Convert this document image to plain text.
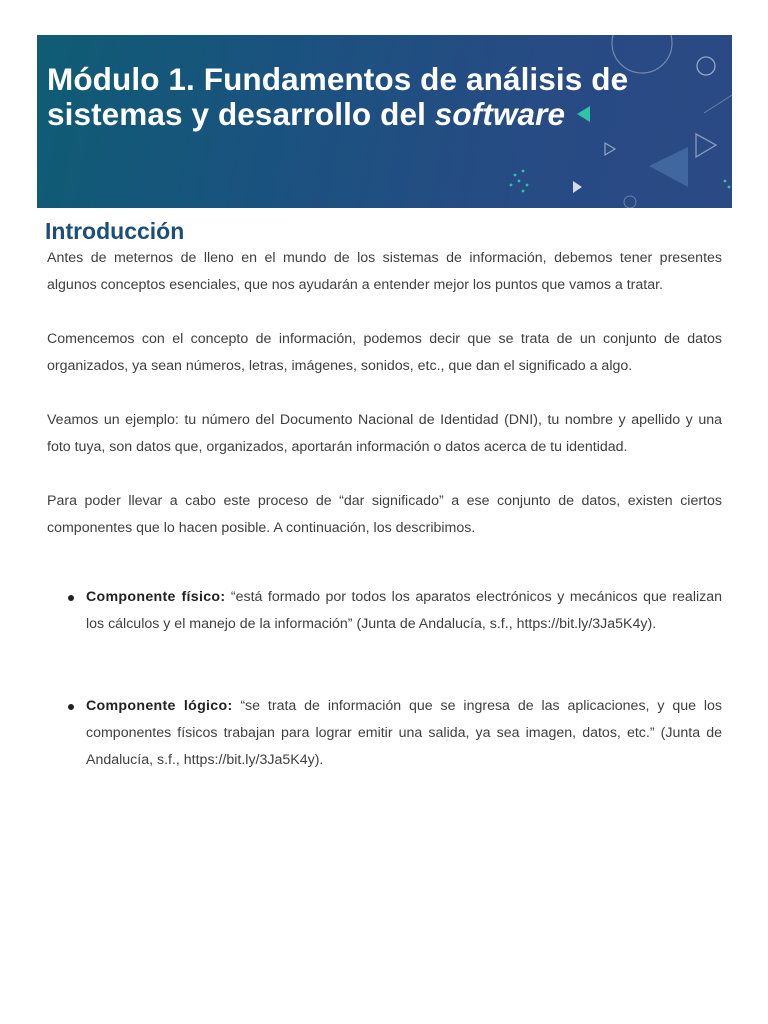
Módulo 1. Fundamentos de análisis de
sistemas y desarrollo del software
Introducción

Antes de meternos de lleno en el mundo de los sistemas de información, debemos tener presentes algunos conceptos esenciales, que nos ayudarán a entender mejor los puntos que vamos a tratar.

Comencemos con el concepto de información, podemos decir que se trata de un conjunto de datos organizados, ya sean números, letras, imágenes, sonidos, etc., que dan el significado a algo.

Veamos un ejemplo: tu número del Documento Nacional de Identidad (DNI), tu nombre y apellido y una foto tuya, son datos que, organizados, aportarán información o datos acerca de tu identidad.

Para poder llevar a cabo este proceso de “dar significado” a ese conjunto de datos, existen ciertos componentes que lo hacen posible. A continuación, los describimos.

Componente físico: “está formado por todos los aparatos electrónicos y mecánicos que realizan los cálculos y el manejo de la información” (Junta de Andalucía, s.f., https://bit.ly/3Ja5K4y).
Componente lógico: “se trata de información que se ingresa de las aplicaciones, y que los componentes físicos trabajan para lograr emitir una salida, ya sea imagen, datos, etc.” (Junta de Andalucía, s.f., https://bit.ly/3Ja5K4y).
